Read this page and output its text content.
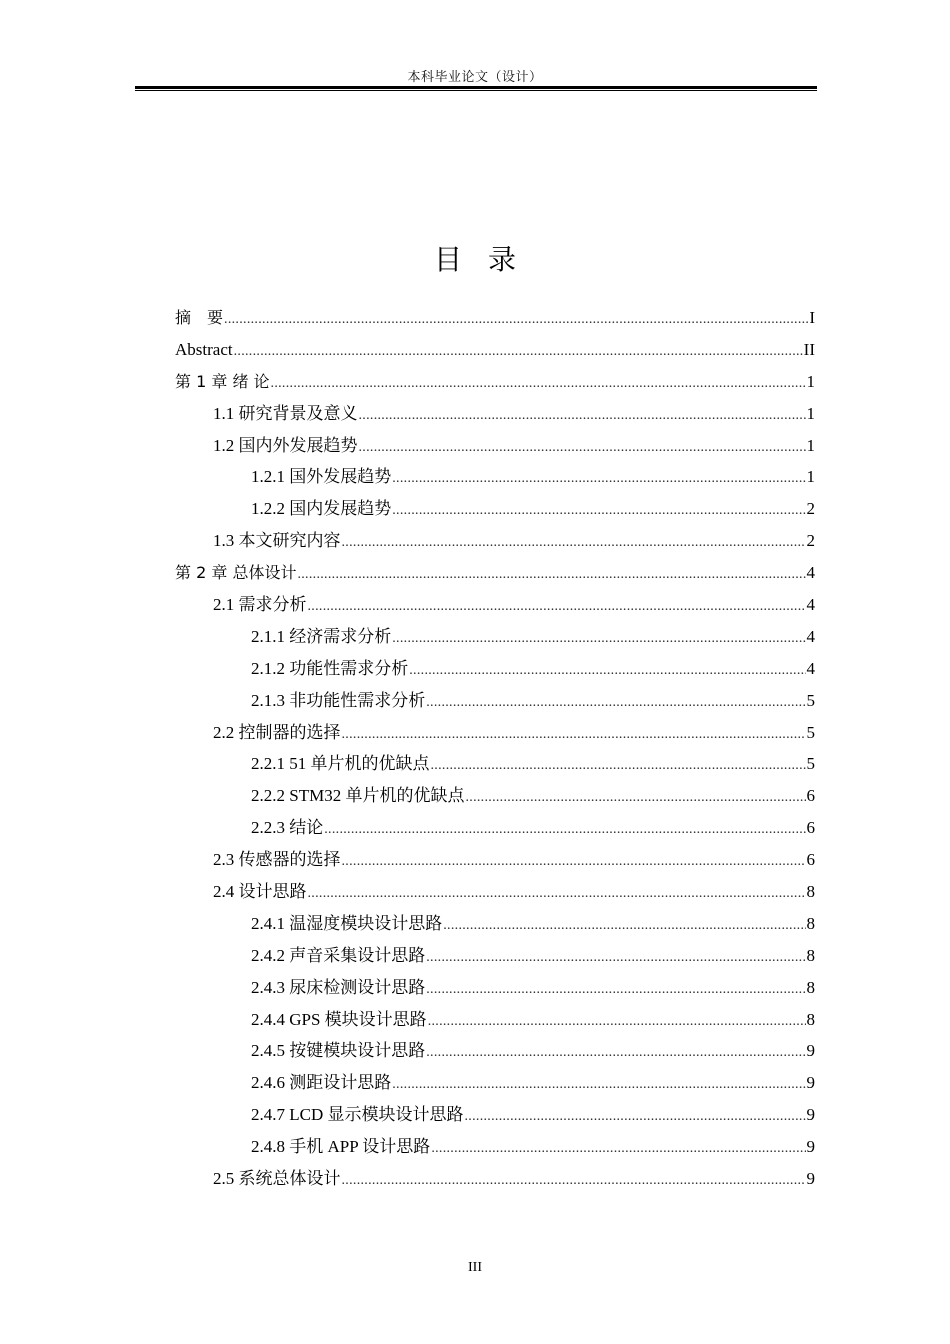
本科毕业论文（设计）
目录
摘　要 .....	I
Abstract .....	II
第 1 章 绪 论 .....	1
1.1 研究背景及意义 .....	1
1.2 国内外发展趋势 .....	1
1.2.1 国外发展趋势 .....	1
1.2.2 国内发展趋势 .....	2
1.3 本文研究内容 .....	2
第 2 章 总体设计 .....	4
2.1 需求分析 .....	4
2.1.1 经济需求分析 .....	4
2.1.2 功能性需求分析 .....	4
2.1.3 非功能性需求分析 .....	5
2.2 控制器的选择 .....	5
2.2.1 51 单片机的优缺点 .....	5
2.2.2 STM32 单片机的优缺点 .....	6
2.2.3 结论 .....	6
2.3 传感器的选择 .....	6
2.4 设计思路 .....	8
2.4.1 温湿度模块设计思路 .....	8
2.4.2 声音采集设计思路 .....	8
2.4.3 尿床检测设计思路 .....	8
2.4.4 GPS 模块设计思路 .....	8
2.4.5 按键模块设计思路 .....	9
2.4.6 测距设计思路 .....	9
2.4.7 LCD 显示模块设计思路 .....	9
2.4.8 手机 APP 设计思路 .....	9
2.5 系统总体设计 .....	9
III
